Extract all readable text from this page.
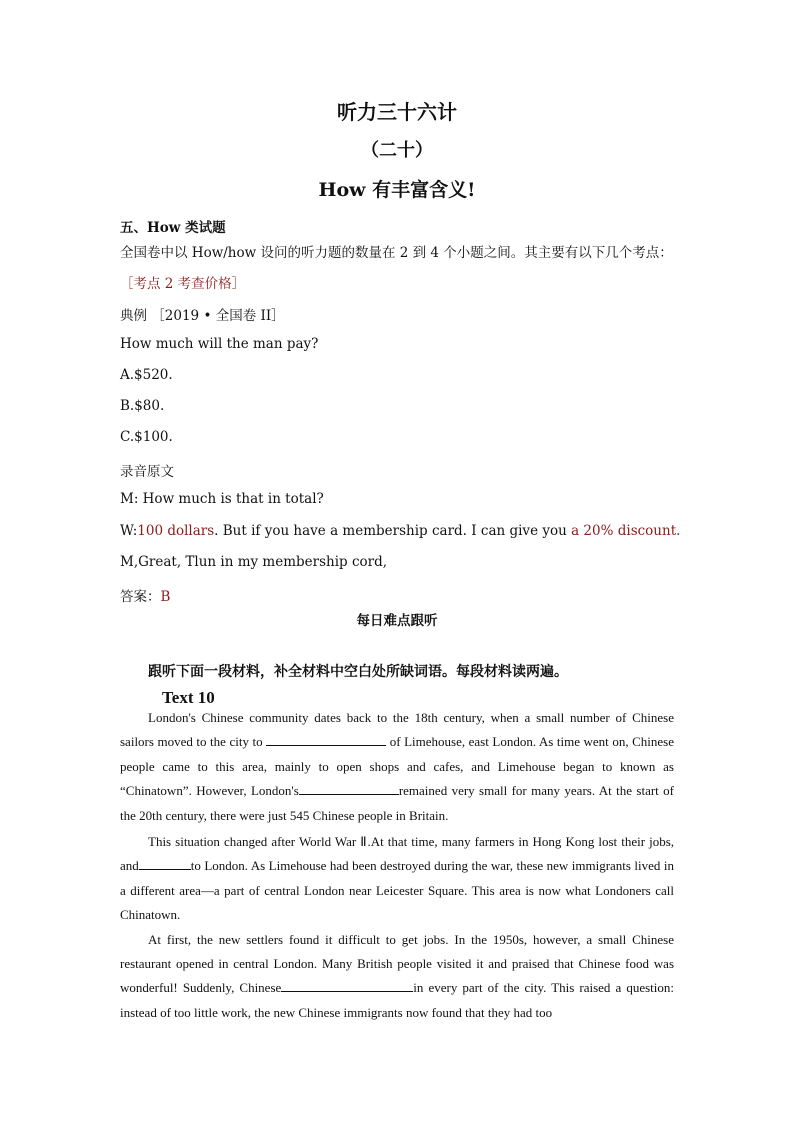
听力三十六计
（二十）
How 有丰富含义!
五、How 类试题
全国卷中以 How/how 设问的听力题的数量在 2 到 4 个小题之间。其主要有以下几个考点：
［考点 2 考查价格］
典例 ［2019 • 全国卷 II］
How much will the man pay?
A.$520.
B.$80.
C.$100.
录音原文
M: How much is that in total?
W:100 dollars. But if you have a membership card. I can give you a 20% discount.
M,Great, Tlun in my membership cord,
答案：B
每日难点跟听
跟听下面一段材料，补全材料中空白处所缺词语。每段材料读两遍。
Text 10

London's Chinese community dates back to the 18th century, when a small number of Chinese sailors moved to the city to	of Limehouse, east London. As time went on, Chinese people came to this area, mainly to open shops and cafes, and Limehouse began to known as “Chinatown”. However, London's	remained very small for many years. At the start of the 20th century, there were just 545 Chinese people in Britain.

This situation changed after World War Ⅱ.At that time, many farmers in Hong Kong lost their jobs, and	to London. As Limehouse had been destroyed during the war, these new immigrants lived in a different area—a part of central London near Leicester Square. This area is now what Londoners call Chinatown.

At first, the new settlers found it difficult to get jobs. In the 1950s, however, a small Chinese restaurant opened in central London. Many British people visited it and praised that Chinese food was wonderful! Suddenly, Chinese	in every part of the city. This raised a question: instead of too little work, the new Chinese immigrants now found that they had too
